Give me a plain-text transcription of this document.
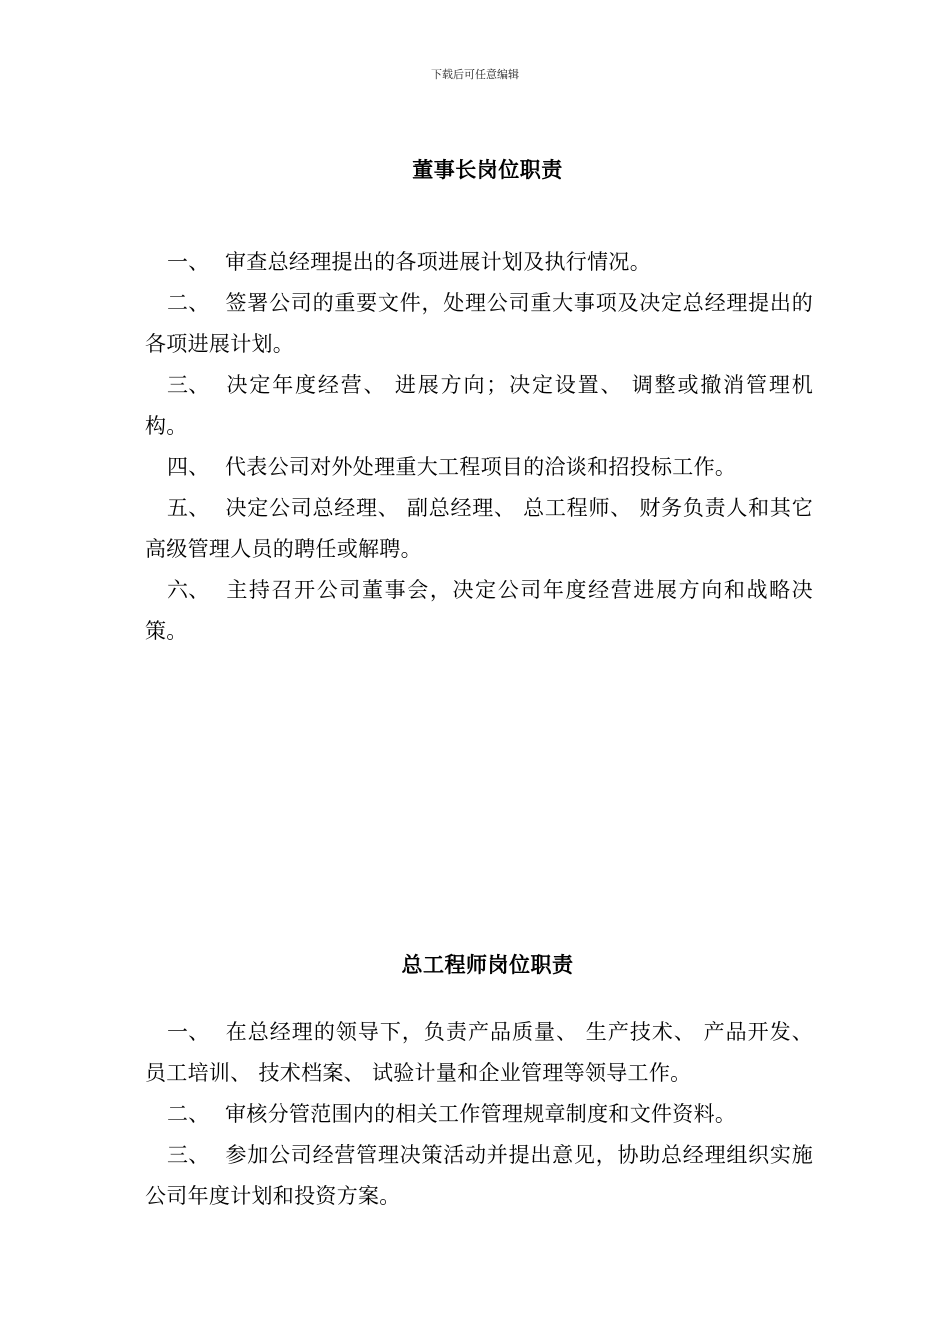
下载后可任意编辑
董事长岗位职责

一、 审查总经理提出的各项进展计划及执行情况。

二、 签署公司的重要文件，处理公司重大事项及决定总经理提出的各项进展计划。

三、 决定年度经营、 进展方向；决定设置、 调整或撤消管理机构。

四、 代表公司对外处理重大工程项目的洽谈和招投标工作。

五、 决定公司总经理、 副总经理、 总工程师、 财务负责人和其它高级管理人员的聘任或解聘。

六、 主持召开公司董事会，决定公司年度经营进展方向和战略决策。

总工程师岗位职责

一、 在总经理的领导下，负责产品质量、 生产技术、 产品开发、 员工培训、 技术档案、 试验计量和企业管理等领导工作。

二、 审核分管范围内的相关工作管理规章制度和文件资料。

三、 参加公司经营管理决策活动并提出意见，协助总经理组织实施公司年度计划和投资方案。
